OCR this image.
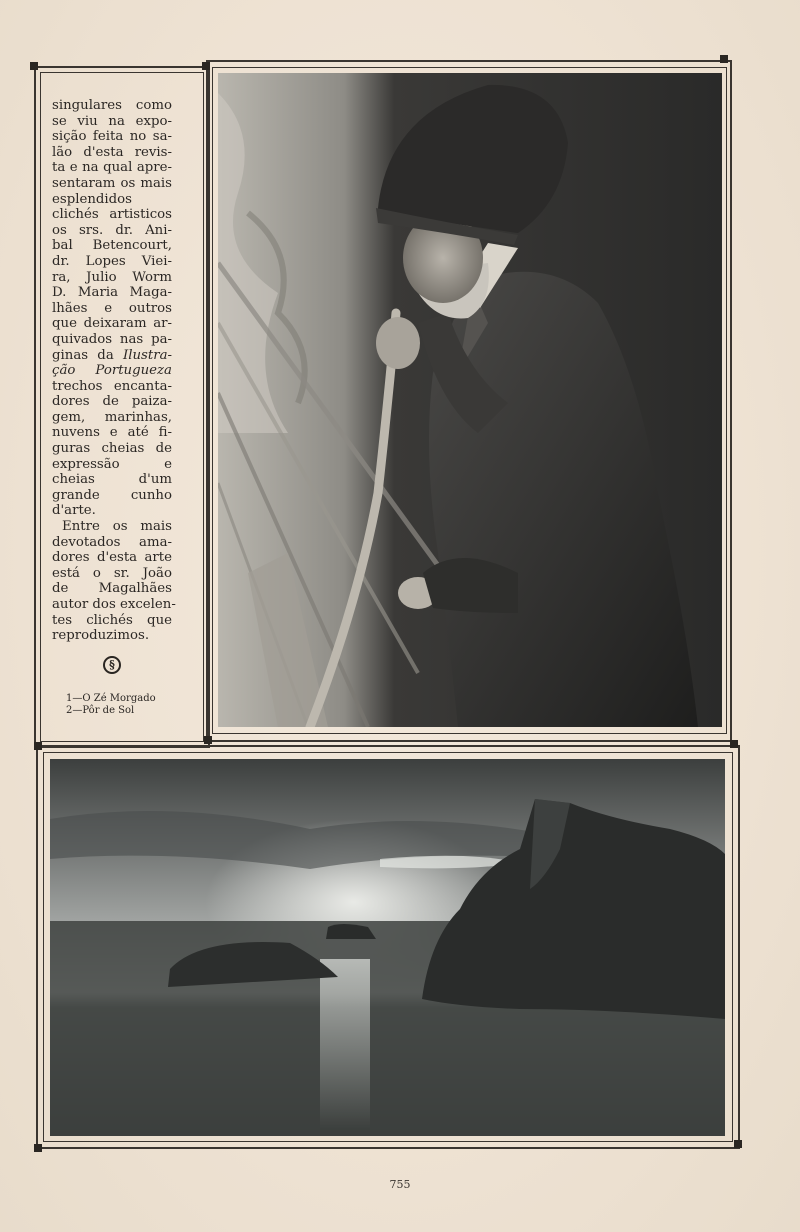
singulares como
se viu na expo-
sição feita no sa-
lão d'esta revis-
ta e na qual apre-
sentaram os mais
esplendidos
clichés artisticos
os srs. dr. Ani-
bal Betencourt,
dr. Lopes Viei-
ra, Julio Worm
D. Maria Maga-
lhães e outros
que deixaram ar-
quivados nas pa-
ginas da Ilustra-
ção Portugueza
trechos encanta-
dores de paiza-
gem, marinhas,
nuvens e até fi-
guras cheias de
expressão e
cheias d'um
grande cunho
d'arte.

Entre os mais
devotados ama-
dores d'esta arte
está o sr. João
de Magalhães
autor dos excelen-
tes clichés que
reproduzimos.

§
1—O Zé Morgado
2—Pôr de Sol
755
